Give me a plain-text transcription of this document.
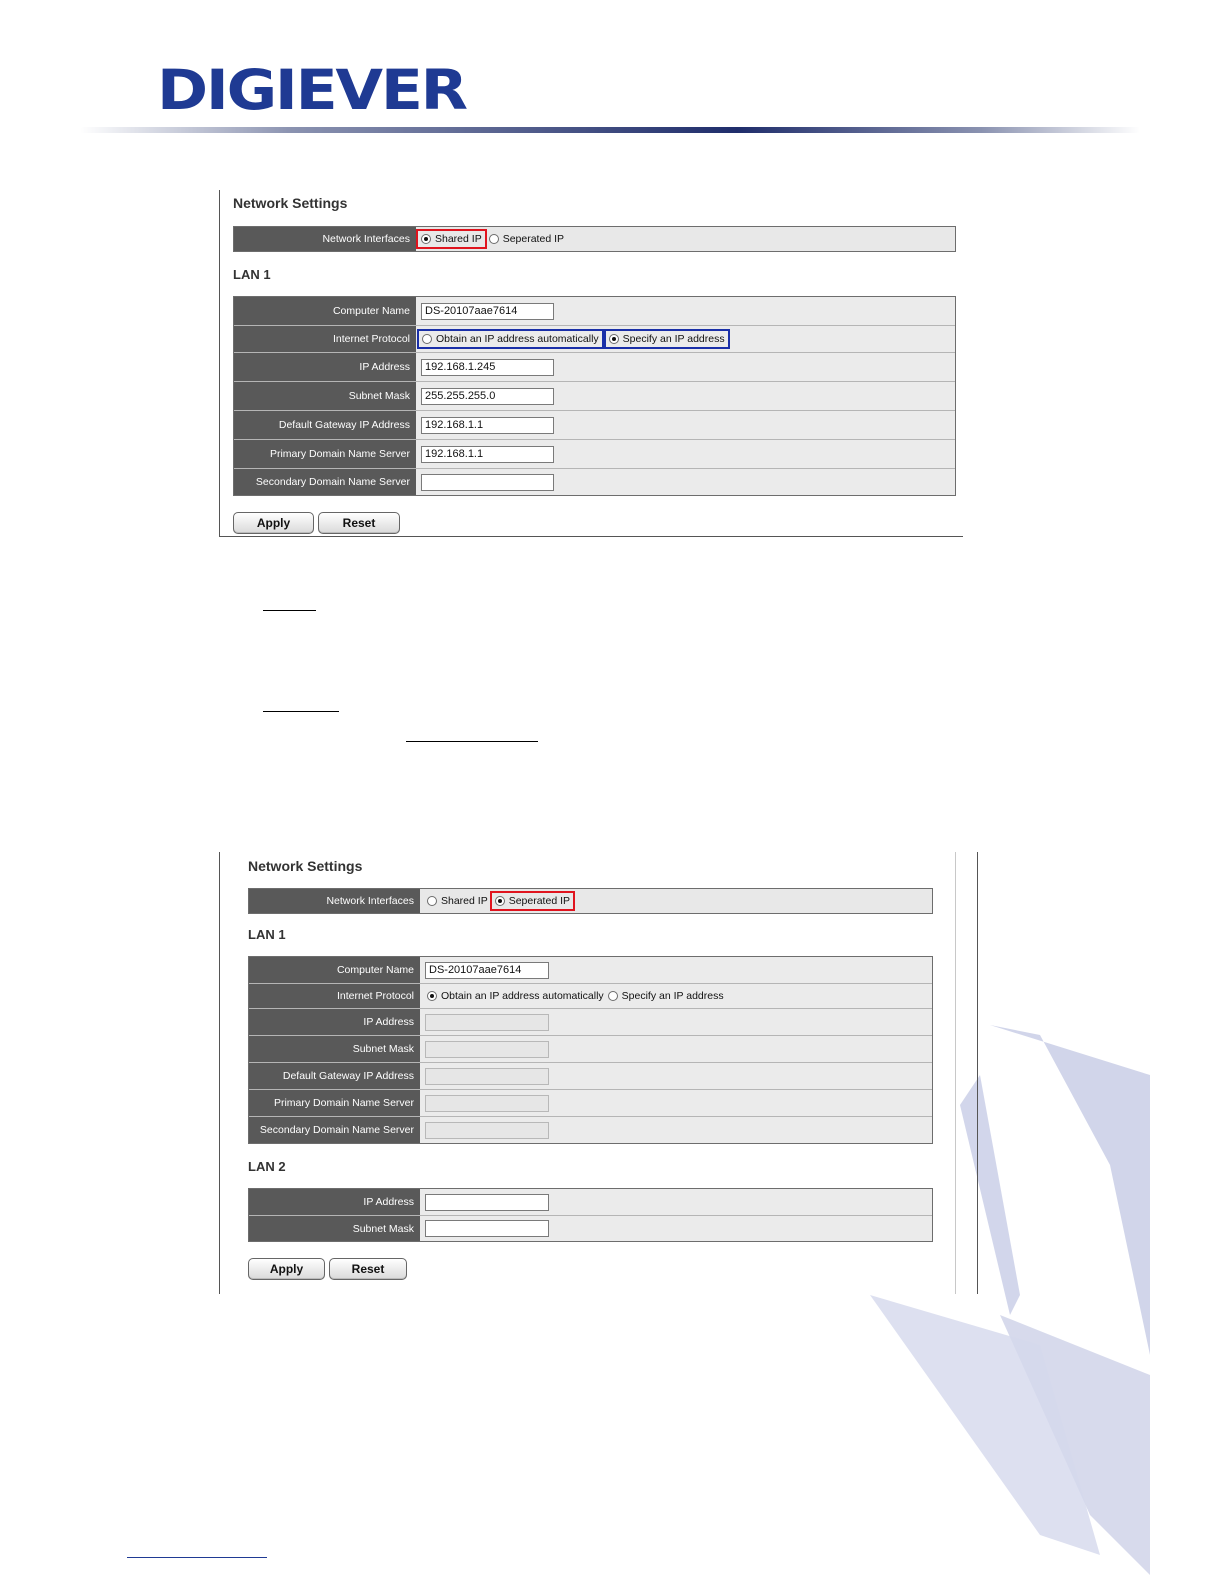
DIGIEVER
Network Settings
Network Interfaces	Shared IP Seperated IP
LAN 1
Computer Name	DS-20107aae7614
Internet Protocol	Obtain an IP address automatically Specify an IP address
IP Address	192.168.1.245
Subnet Mask	255.255.255.0
Default Gateway IP Address	192.168.1.1
Primary Domain Name Server	192.168.1.1
Secondary Domain Name Server
Apply	Reset
Network Settings
Network Interfaces	Shared IP Seperated IP
LAN 1
Computer Name	DS-20107aae7614
Internet Protocol	Obtain an IP address automatically Specify an IP address
IP Address
Subnet Mask
Default Gateway IP Address
Primary Domain Name Server
Secondary Domain Name Server
LAN 2
IP Address
Subnet Mask
Apply	Reset
